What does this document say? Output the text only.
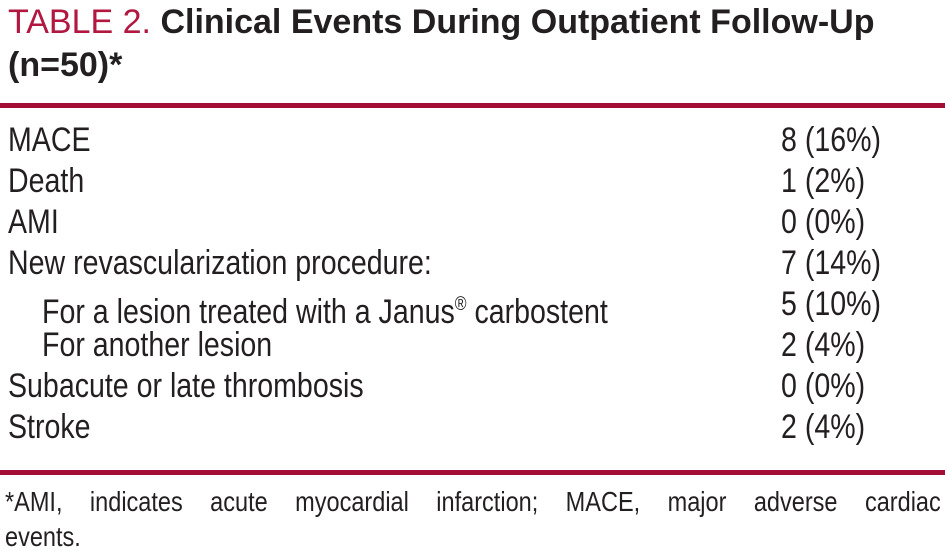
TABLE 2. Clinical Events During Outpatient Follow-Up (n=50)*
MACE	8 (16%)
Death	1 (2%)
AMI	0 (0%)
New revascularization procedure:	7 (14%)
For a lesion treated with a Janus® carbostent	5 (10%)
For another lesion	2 (4%)
Subacute or late thrombosis	0 (0%)
Stroke	2 (4%)
*AMI, indicates acute myocardial infarction; MACE, major adverse cardiac
events.
